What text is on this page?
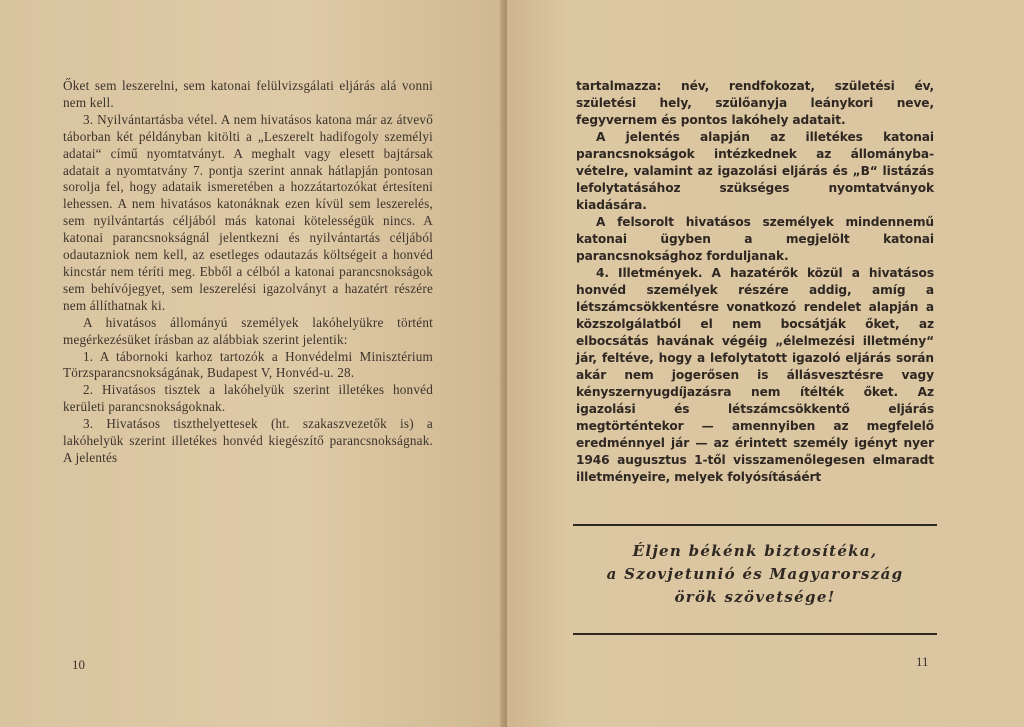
Őket sem leszerelni, sem katonai felülvizsgálati eljárás alá vonni nem kell.

3. Nyilvántartásba vétel. A nem hivatásos katona már az átvevő táborban két példányban kitölti a „Leszerelt hadifogoly személyi adatai“ című nyomtatványt. A meghalt vagy elesett bajtársak adatait a nyomtatvány 7. pontja szerint annak hátlapján pontosan sorolja fel, hogy adataik ismeretében a hozzátartozókat értesíteni lehessen. A nem hivatásos katonáknak ezen kívül sem leszerelés, sem nyilvántartás céljából más katonai kötelességük nincs. A katonai parancsnokságnál jelentkezni és nyilvántartás céljából odautazniok nem kell, az esetleges odautazás költségeit a honvéd kincstár nem téríti meg. Ebből a célból a katonai parancsnokságok sem behívójegyet, sem leszerelési igazolványt a hazatért részére nem állíthatnak ki.

A hivatásos állományú személyek lakóhelyükre történt megérkezésüket írásban az alábbiak szerint jelentik:

1. A tábornoki karhoz tartozók a Honvédelmi Minisztérium Törzsparancsnokságának, Budapest V, Honvéd-u. 28.

2. Hivatásos tisztek a lakóhelyük szerint illetékes honvéd kerületi parancsnokságoknak.

3. Hivatásos tiszthelyettesek (ht. szakaszvezetők is) a lakóhelyük szerint illetékes honvéd kiegészítő parancsnokságnak. A jelentés

10

tartalmazza: név, rendfokozat, születési év, születési hely, szülőanyja leánykori neve, fegyvernem és pontos lakóhely adatait.

A jelentés alapján az illetékes katonai parancsnokságok intézkednek az állományba-vételre, valamint az igazolási eljárás és „B“ listázás lefolytatásához szükséges nyomtatványok kiadására.

A felsorolt hivatásos személyek mindennemű katonai ügyben a megjelölt katonai parancsnoksághoz forduljanak.

4. Illetmények. A hazatérők közül a hivatásos honvéd személyek részére addig, amíg a létszámcsökkentésre vonatkozó rendelet alapján a közszolgálatból el nem bocsátják őket, az elbocsátás havának végéig „élelmezési illetmény“ jár, feltéve, hogy a lefolytatott igazoló eljárás során akár nem jogerősen is állásvesztésre vagy kényszernyugdíjazásra nem ítélték őket. Az igazolási és létszámcsökkentő eljárás megtörténtekor — amennyiben az megfelelő eredménnyel jár — az érintett személy igényt nyer 1946 augusztus 1-től visszamenőlegesen elmaradt illetményeire, melyek folyósításáért

Éljen békénk biztosítéka,
a Szovjetunió és Magyarország
örök szövetsége!
11
